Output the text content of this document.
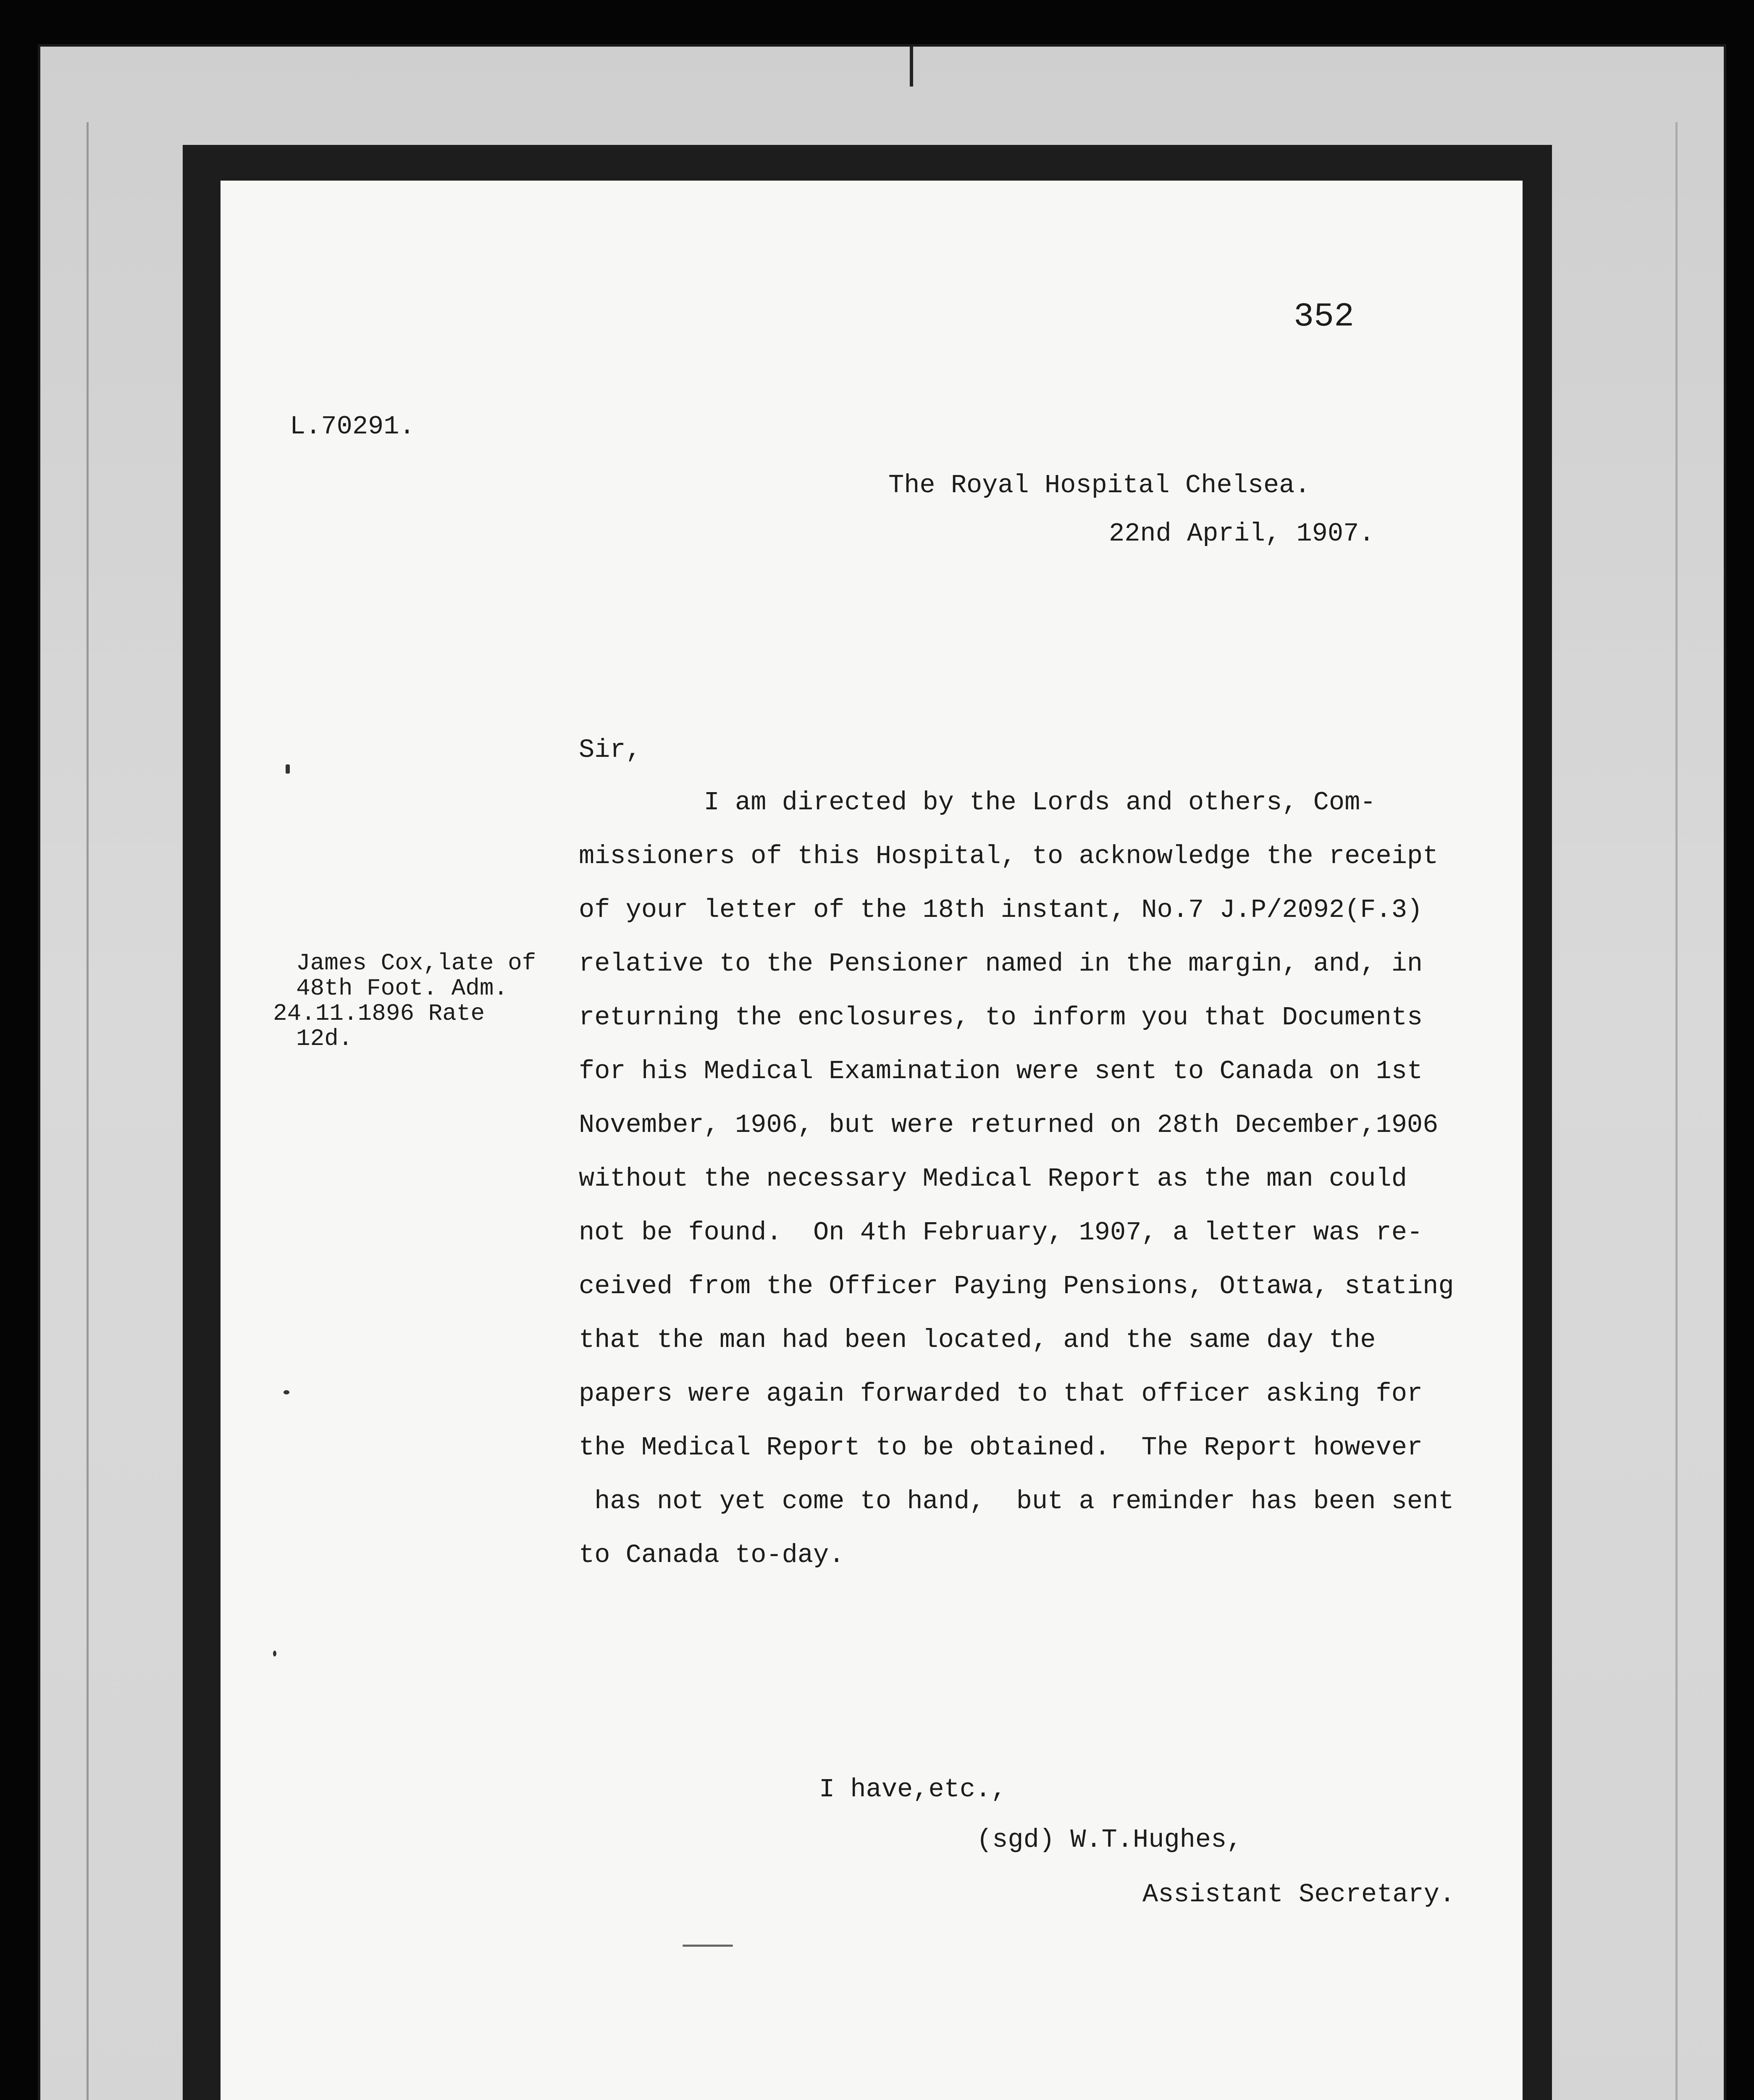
352
L.70291.
The Royal Hospital Chelsea.
22nd April, 1907.
Sir,
James Cox,late of
48th Foot. Adm.
24.11.1896 Rate
12d.
I am directed by the Lords and others, Com-
missioners of this Hospital, to acknowledge the receipt
of your letter of the 18th instant, No.7 J.P/2092(F.3)
relative to the Pensioner named in the margin, and, in
returning the enclosures, to inform you that Documents
for his Medical Examination were sent to Canada on 1st
November, 1906, but were returned on 28th December,1906
without the necessary Medical Report as the man could
not be found.  On 4th February, 1907, a letter was re-
ceived from the Officer Paying Pensions, Ottawa, stating
that the man had been located, and the same day the
papers were again forwarded to that officer asking for
the Medical Report to be obtained.  The Report however
has not yet come to hand,  but a reminder has been sent
to Canada to-day.
I have,etc.,
(sgd) W.T.Hughes,
Assistant Secretary.
